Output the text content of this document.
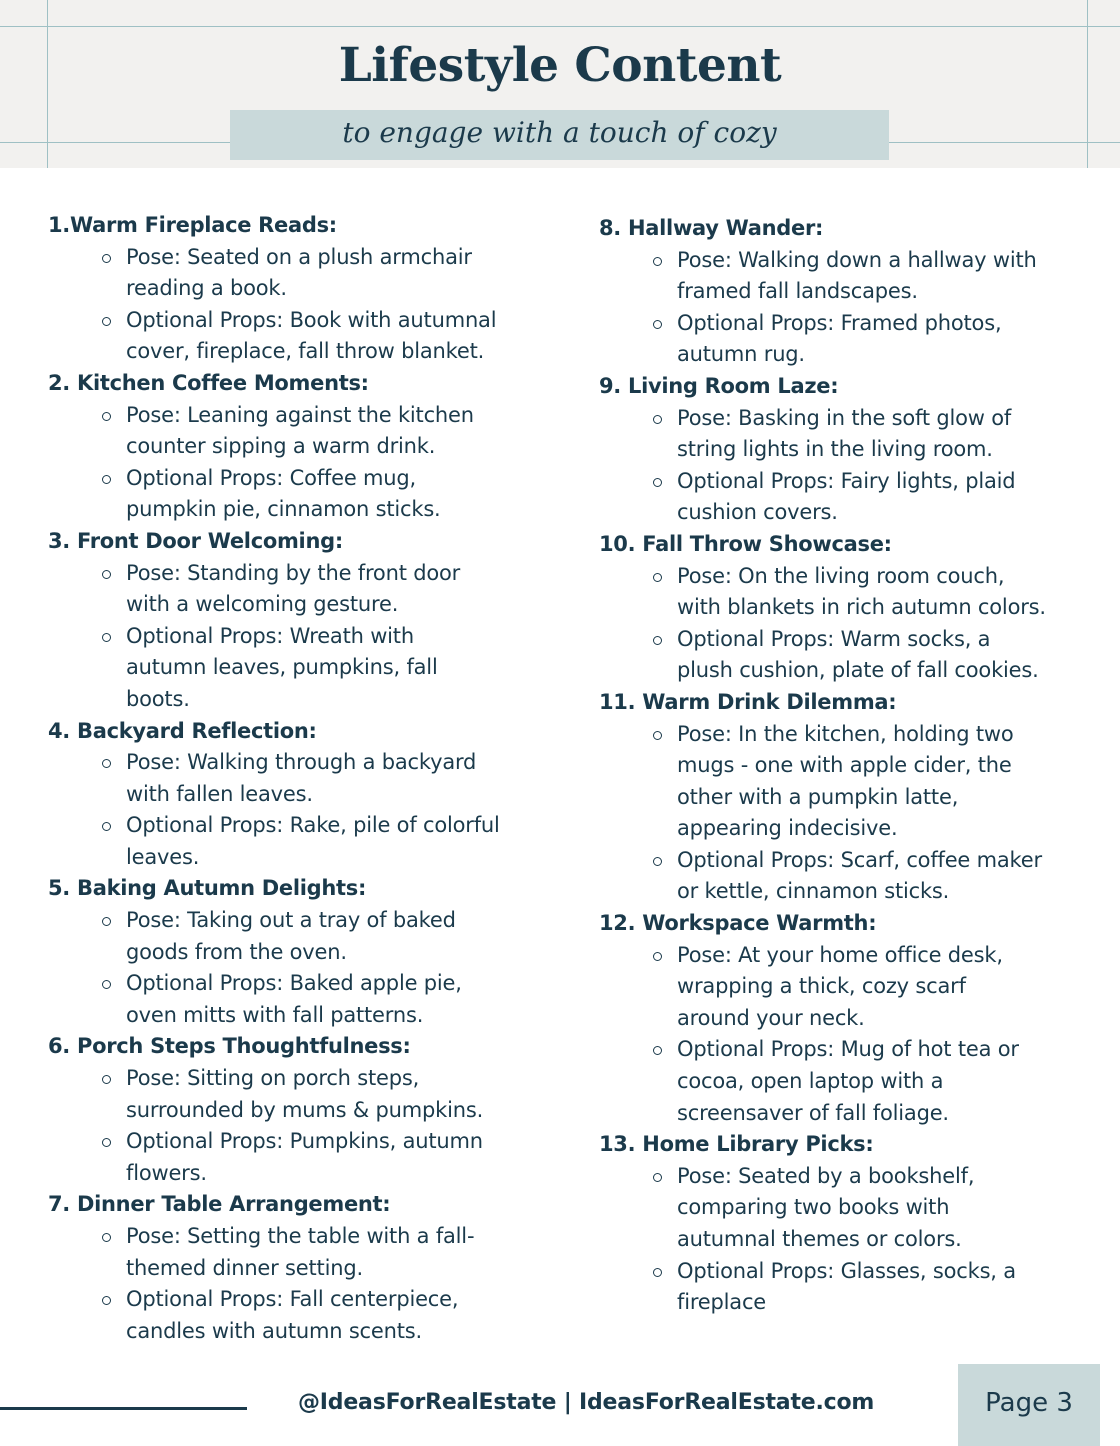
Lifestyle Content
to engage with a touch of cozy
1.Warm Fireplace Reads:
Pose: Seated on a plush armchair
reading a book.
Optional Props: Book with autumnal
cover, fireplace, fall throw blanket.
2. Kitchen Coffee Moments:
Pose: Leaning against the kitchen
counter sipping a warm drink.
Optional Props: Coffee mug,
pumpkin pie, cinnamon sticks.
3. Front Door Welcoming:
Pose: Standing by the front door
with a welcoming gesture.
Optional Props: Wreath with
autumn leaves, pumpkins, fall
boots.
4. Backyard Reflection:
Pose: Walking through a backyard
with fallen leaves.
Optional Props: Rake, pile of colorful
leaves.
5. Baking Autumn Delights:
Pose: Taking out a tray of baked
goods from the oven.
Optional Props: Baked apple pie,
oven mitts with fall patterns.
6. Porch Steps Thoughtfulness:
Pose: Sitting on porch steps,
surrounded by mums & pumpkins.
Optional Props: Pumpkins, autumn
flowers.
7. Dinner Table Arrangement:
Pose: Setting the table with a fall-
themed dinner setting.
Optional Props: Fall centerpiece,
candles with autumn scents.
8. Hallway Wander:
Pose: Walking down a hallway with
framed fall landscapes.
Optional Props: Framed photos,
autumn rug.
9. Living Room Laze:
Pose: Basking in the soft glow of
string lights in the living room.
Optional Props: Fairy lights, plaid
cushion covers.
10. Fall Throw Showcase:
Pose: On the living room couch,
with blankets in rich autumn colors.
Optional Props: Warm socks, a
plush cushion, plate of fall cookies.
11. Warm Drink Dilemma:
Pose: In the kitchen, holding two
mugs - one with apple cider, the
other with a pumpkin latte,
appearing indecisive.
Optional Props: Scarf, coffee maker
or kettle, cinnamon sticks.
12. Workspace Warmth:
Pose: At your home office desk,
wrapping a thick, cozy scarf
around your neck.
Optional Props: Mug of hot tea or
cocoa, open laptop with a
screensaver of fall foliage.
13. Home Library Picks:
Pose: Seated by a bookshelf,
comparing two books with
autumnal themes or colors.
Optional Props: Glasses, socks, a
fireplace
@IdeasForRealEstate | IdeasForRealEstate.com	Page 3
